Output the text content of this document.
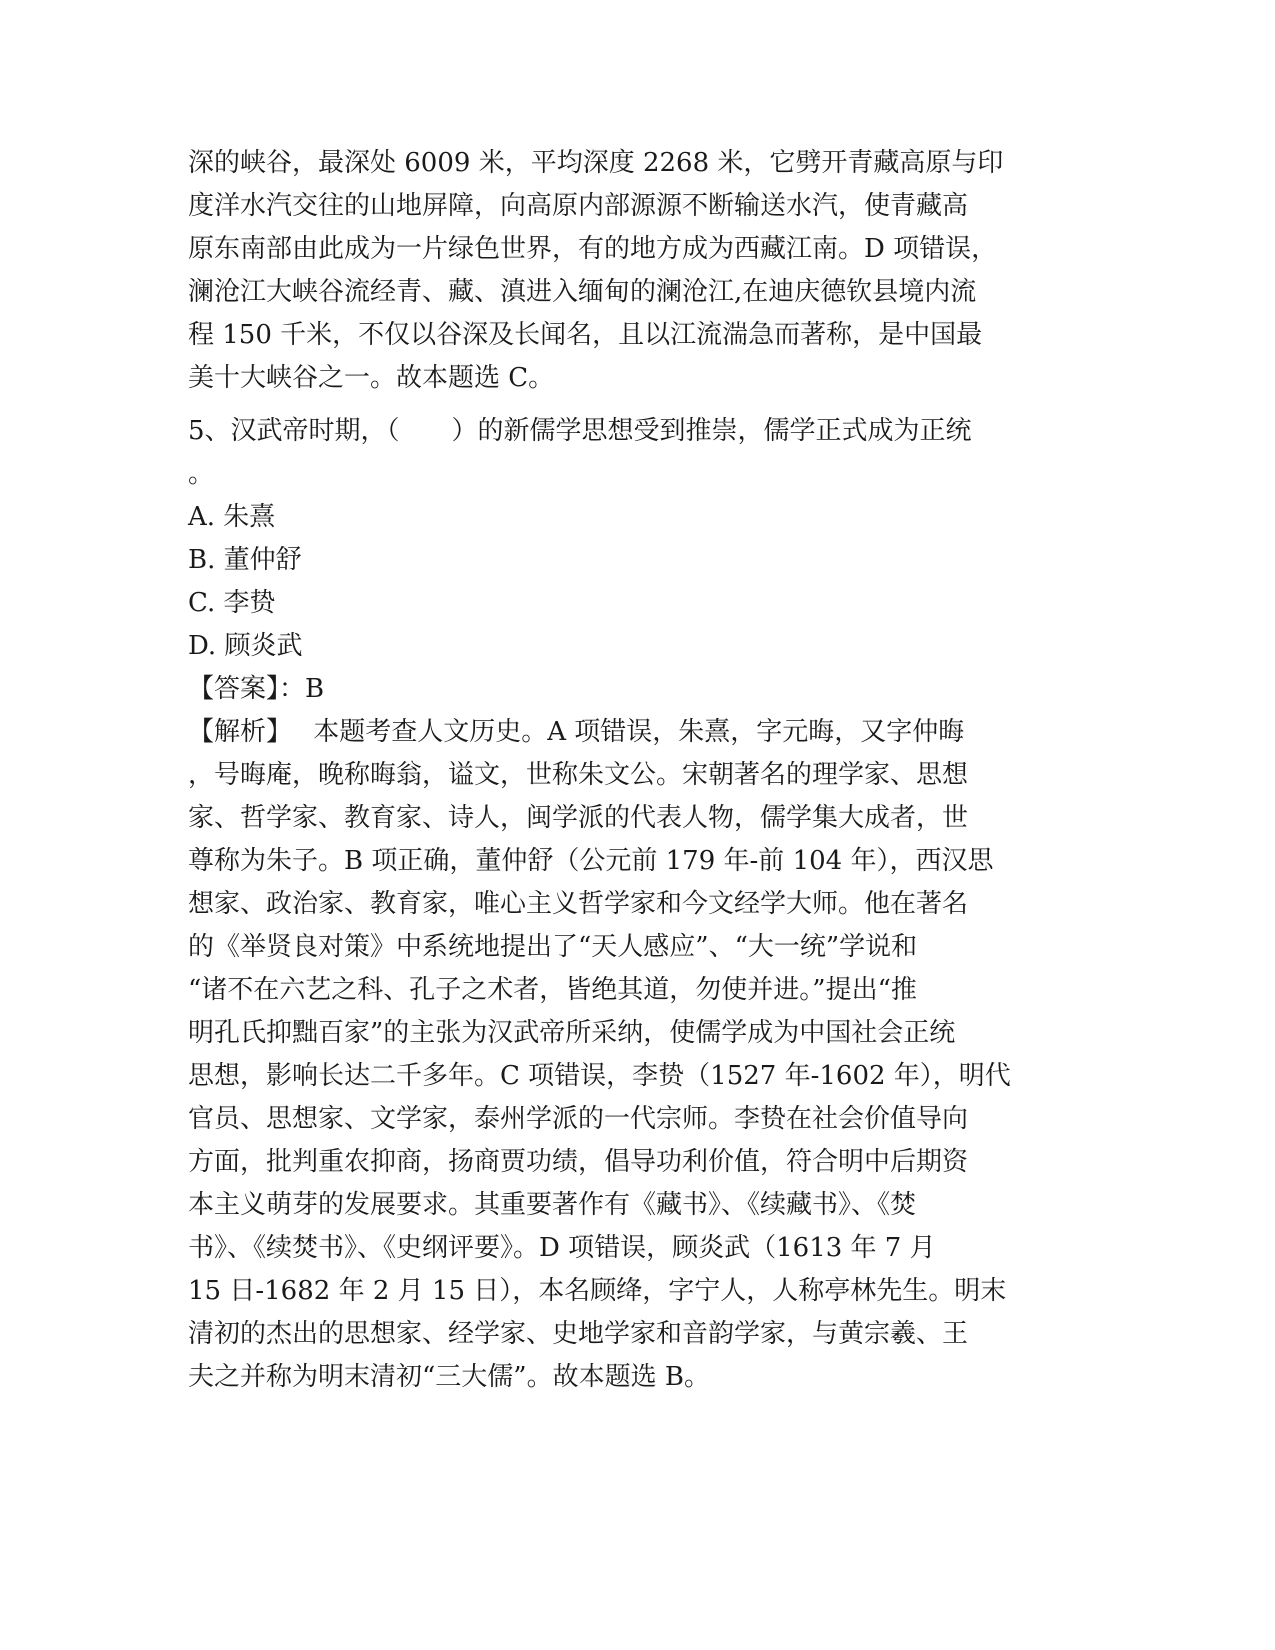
深的峡谷，最深处 6009 米，平均深度 2268 米，它劈开青藏高原与印
度洋水汽交往的山地屏障，向高原内部源源不断输送水汽，使青藏高
原东南部由此成为一片绿色世界，有的地方成为西藏江南。D 项错误，
澜沧江大峡谷流经青、藏、滇进入缅甸的澜沧江,在迪庆德钦县境内流
程 150 千米，不仅以谷深及长闻名，且以江流湍急而著称，是中国最
美十大峡谷之一。故本题选 C。
5、汉武帝时期，（　　）的新儒学思想受到推崇，儒学正式成为正统
。
A. 朱熹
B. 董仲舒
C. 李贽
D. 顾炎武
【答案】：B
【解析】　 本题考查人文历史。A 项错误，朱熹，字元晦，又字仲晦
，号晦庵，晚称晦翁，谥文，世称朱文公。宋朝著名的理学家、思想
家、哲学家、教育家、诗人，闽学派的代表人物，儒学集大成者，世
尊称为朱子。B 项正确，董仲舒（公元前 179 年-前 104 年），西汉思
想家、政治家、教育家，唯心主义哲学家和今文经学大师。他在著名
的《举贤良对策》中系统地提出了“天人感应”、“大一统”学说和
“诸不在六艺之科、孔子之术者，皆绝其道，勿使并进。”提出“推
明孔氏抑黜百家”的主张为汉武帝所采纳，使儒学成为中国社会正统
思想，影响长达二千多年。C 项错误，李贽（1527 年-1602 年），明代
官员、思想家、文学家，泰州学派的一代宗师。李贽在社会价值导向
方面，批判重农抑商，扬商贾功绩，倡导功利价值，符合明中后期资
本主义萌芽的发展要求。其重要著作有《藏书》、《续藏书》、《焚
书》、《续焚书》、《史纲评要》。D 项错误，顾炎武（1613 年 7 月
15 日-1682 年 2 月 15 日），本名顾绛，字宁人，人称亭林先生。明末
清初的杰出的思想家、经学家、史地学家和音韵学家，与黄宗羲、王
夫之并称为明末清初“三大儒”。故本题选 B。
